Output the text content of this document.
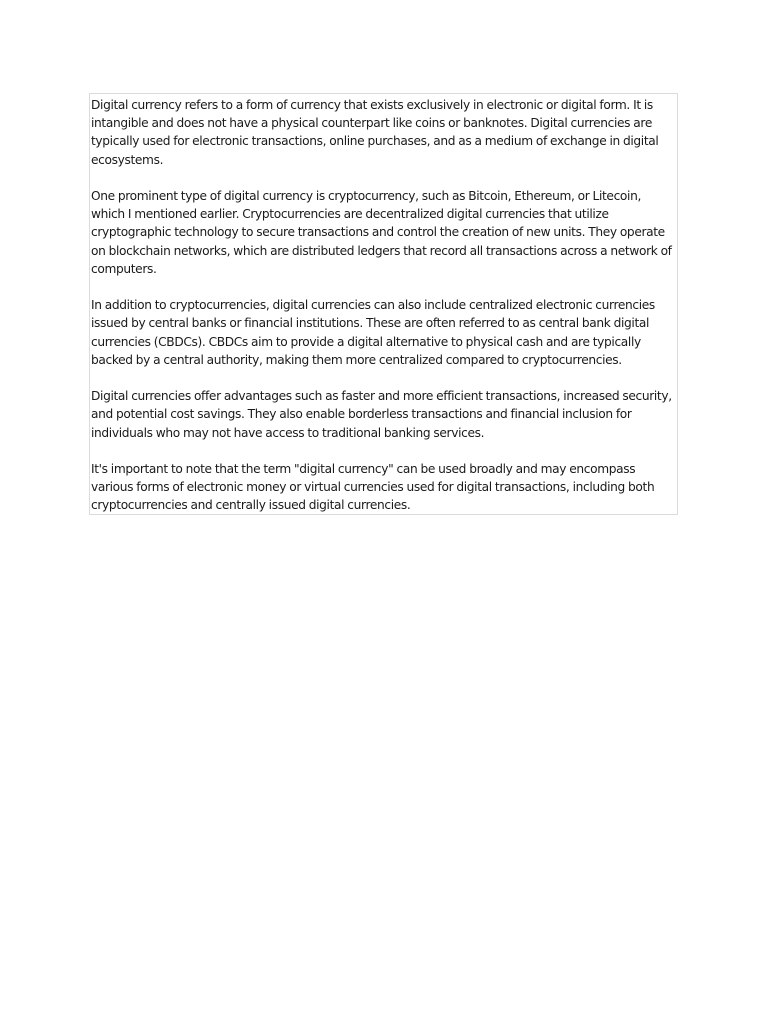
Digital currency refers to a form of currency that exists exclusively in electronic or digital form. It is intangible and does not have a physical counterpart like coins or banknotes. Digital currencies are typically used for electronic transactions, online purchases, and as a medium of exchange in digital ecosystems.

One prominent type of digital currency is cryptocurrency, such as Bitcoin, Ethereum, or Litecoin, which I mentioned earlier. Cryptocurrencies are decentralized digital currencies that utilize cryptographic technology to secure transactions and control the creation of new units. They operate on blockchain networks, which are distributed ledgers that record all transactions across a network of computers.

In addition to cryptocurrencies, digital currencies can also include centralized electronic currencies issued by central banks or financial institutions. These are often referred to as central bank digital currencies (CBDCs). CBDCs aim to provide a digital alternative to physical cash and are typically backed by a central authority, making them more centralized compared to cryptocurrencies.

Digital currencies offer advantages such as faster and more efficient transactions, increased security, and potential cost savings. They also enable borderless transactions and financial inclusion for individuals who may not have access to traditional banking services.

It's important to note that the term "digital currency" can be used broadly and may encompass various forms of electronic money or virtual currencies used for digital transactions, including both cryptocurrencies and centrally issued digital currencies.
